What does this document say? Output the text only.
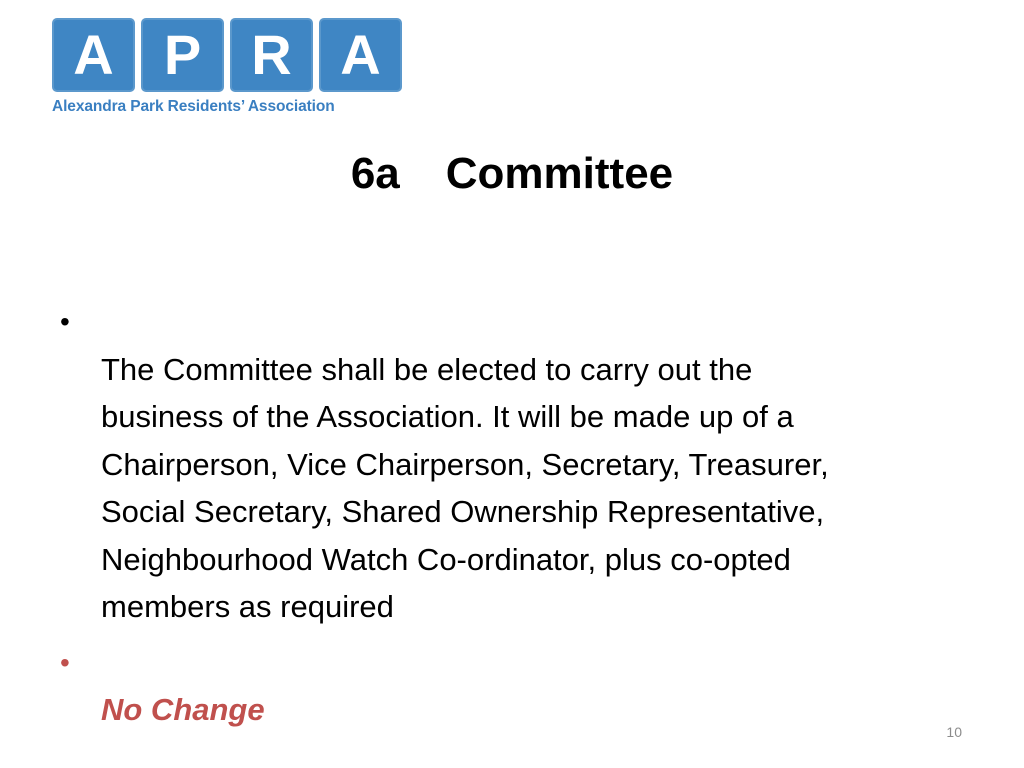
A P R A
Alexandra Park Residents’ Association
6a Committee

•
The Committee shall be elected to carry out the
business of the Association. It will be made up of a
Chairperson, Vice Chairperson, Secretary, Treasurer,
Social Secretary, Shared Ownership Representative,
Neighbourhood Watch Co-ordinator, plus co-opted
members as required

•
No Change

10
